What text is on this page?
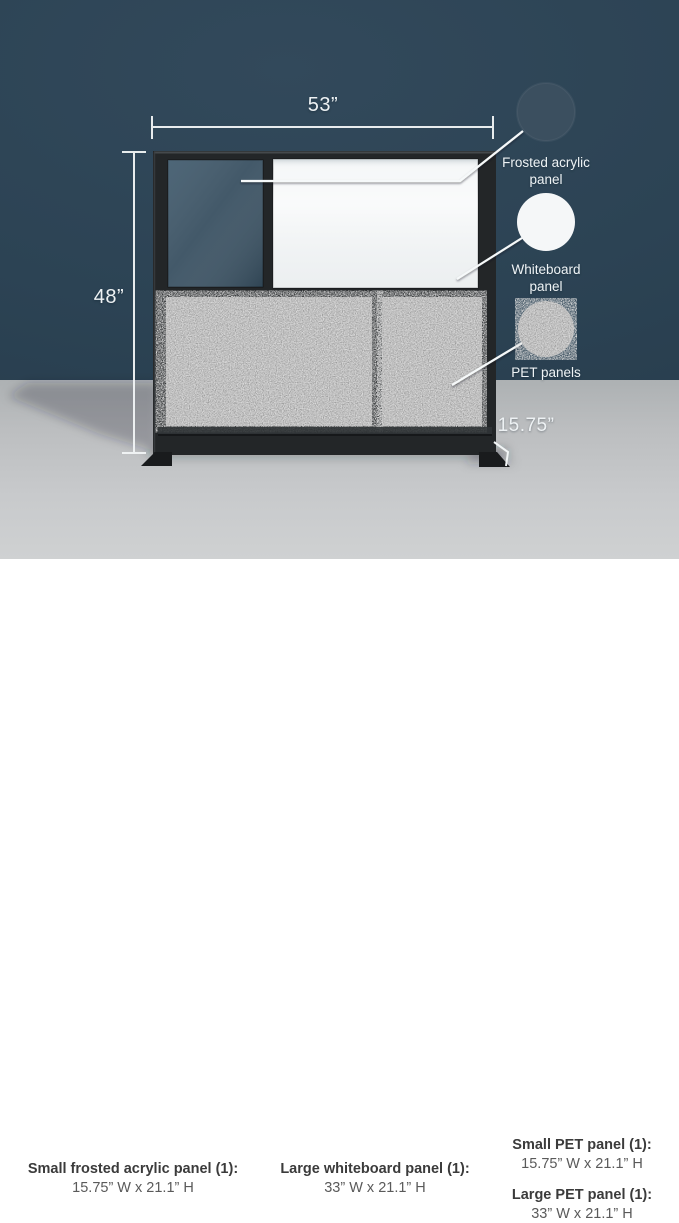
53”
48”
15.75”
Frosted acrylic panel
Whiteboard panel
PET panels
Small frosted acrylic panel (1):
15.75” W x 21.1” H
Large whiteboard panel (1):
33” W x 21.1” H
Small PET panel (1):
15.75” W x 21.1” H
Large PET panel (1):
33” W x 21.1” H
